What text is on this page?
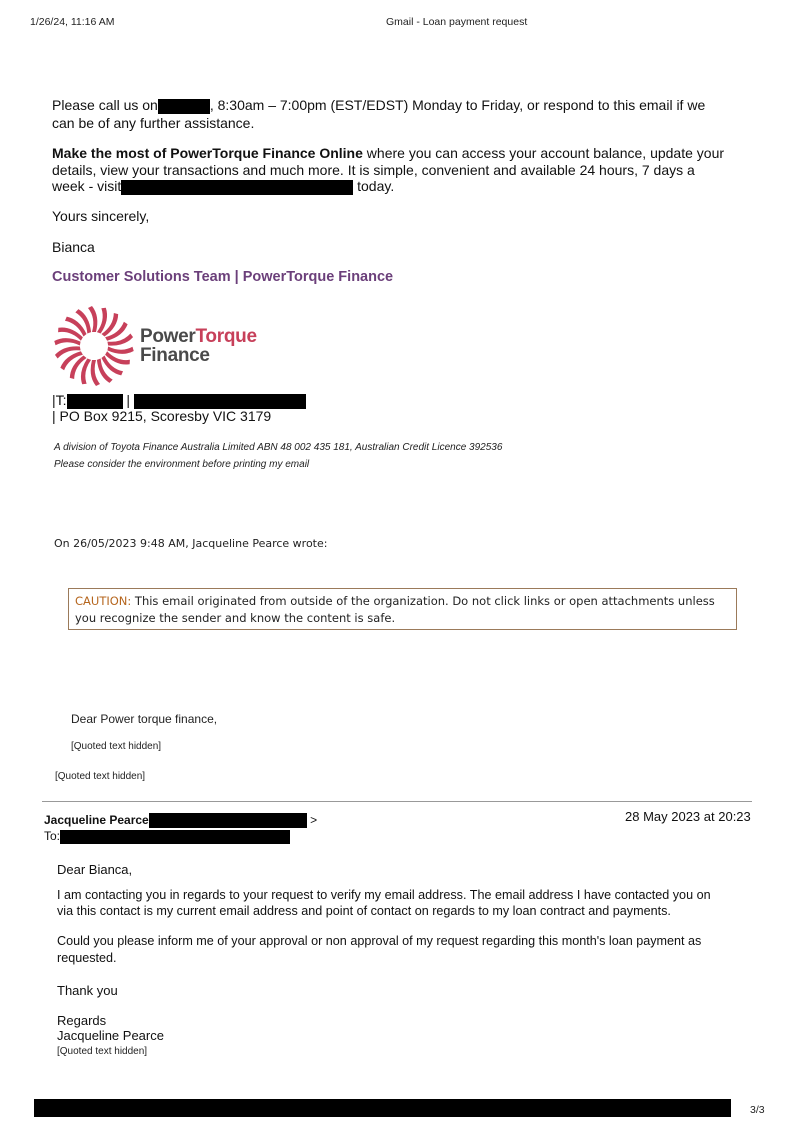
1/26/24, 11:16 AM	Gmail - Loan payment request
Please call us on	, 8:30am – 7:00pm (EST/EDST) Monday to Friday, or respond to this email if we
can be of any further assistance.
Make the most of PowerTorque Finance Online where you can access your account balance, update your
details, view your transactions and much more. It is simple, convenient and available 24 hours, 7 days a
week - visit	today.
Yours sincerely,
Bianca
Customer Solutions Team | PowerTorque Finance
PowerTorque
Finance
|T:	|
| PO Box 9215, Scoresby VIC 3179
A division of Toyota Finance Australia Limited ABN 48 002 435 181, Australian Credit Licence 392536
Please consider the environment before printing my email
On 26/05/2023 9:48 AM, Jacqueline Pearce wrote:
CAUTION: This email originated from outside of the organization. Do not click links or open attachments unless you recognize the sender and know the content is safe.
Dear Power torque finance,
[Quoted text hidden]
[Quoted text hidden]
Jacqueline Pearce	>
To:
28 May 2023 at 20:23
Dear Bianca,
I am contacting you in regards to your request to verify my email address. The email address I have contacted you on
via this contact is my current email address and point of contact on regards to my loan contract and payments.
Could you please inform me of your approval or non approval of my request regarding this month's loan payment as
requested.
Thank you
Regards
Jacqueline Pearce
[Quoted text hidden]
3/3
